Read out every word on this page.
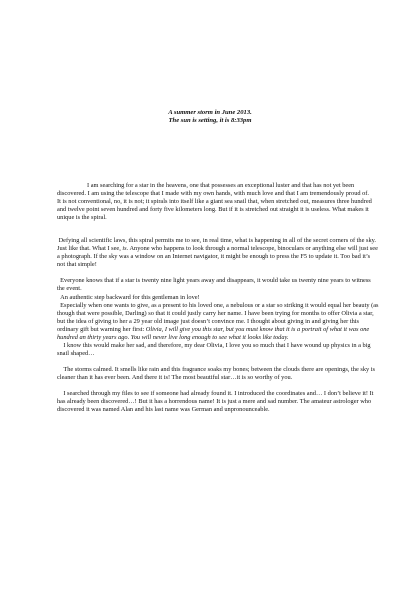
A summer storm in June 2013.
The sun is setting, it is 8:33pm

I am searching for a star in the heavens, one that possesses an exceptional luster and that has not yet been discovered. I am using the telescope that I made with my own hands, with much love and that I am tremendously proud of.

It is not conventional, no, it is not; it spirals into itself like a giant sea snail that, when stretched out, measures three hundred and twelve point seven hundred and forty five kilometers long. But if it is stretched out straight it is useless. What makes it unique is the spiral.

Defying all scientific laws, this spiral permits me to see, in real time, what is happening in all of the secret corners of the sky. Just like that. What I see, is. Anyone who happens to look through a normal telescope, binoculars or anything else will just see a photograph. If the sky was a window on an Internet navigator, it might be enough to press the F5 to update it. Too bad it’s not that simple!

Everyone knows that if a star is twenty nine light years away and disappears, it would take us twenty nine years to witness the event.

An authentic step backward for this gentleman in love!

Especially when one wants to give, as a present to his loved one, a nebulous or a star so striking it would equal her beauty (as though that were possible, Darling) so that it could justly carry her name. I have been trying for months to offer Olivia a star, but the idea of giving to her a 29 year old image just doesn’t convince me. I thought about giving in and giving her this ordinary gift but warning her first: Olivia, I will give you this star, but you must know that it is a portrait of what it was one hundred an thirty years ago. You will never live long enough to see what it looks like today.

I know this would make her sad, and therefore, my dear Olivia, I love you so much that I have wound up physics in a big snail shaped…

The storms calmed. It smells like rain and this fragrance soaks my bones; between the clouds there are openings, the sky is cleaner than it has ever been. And there it is! The most beautiful star…it is so worthy of you.

I searched through my files to see if someone had already found it. I introduced the coordinates and… I don’t believe it! It has already been discovered…! But it has a horrendous name! It is just a mere and sad number. The amateur astrologer who discovered it was named Alan and his last name was German and unpronounceable.
